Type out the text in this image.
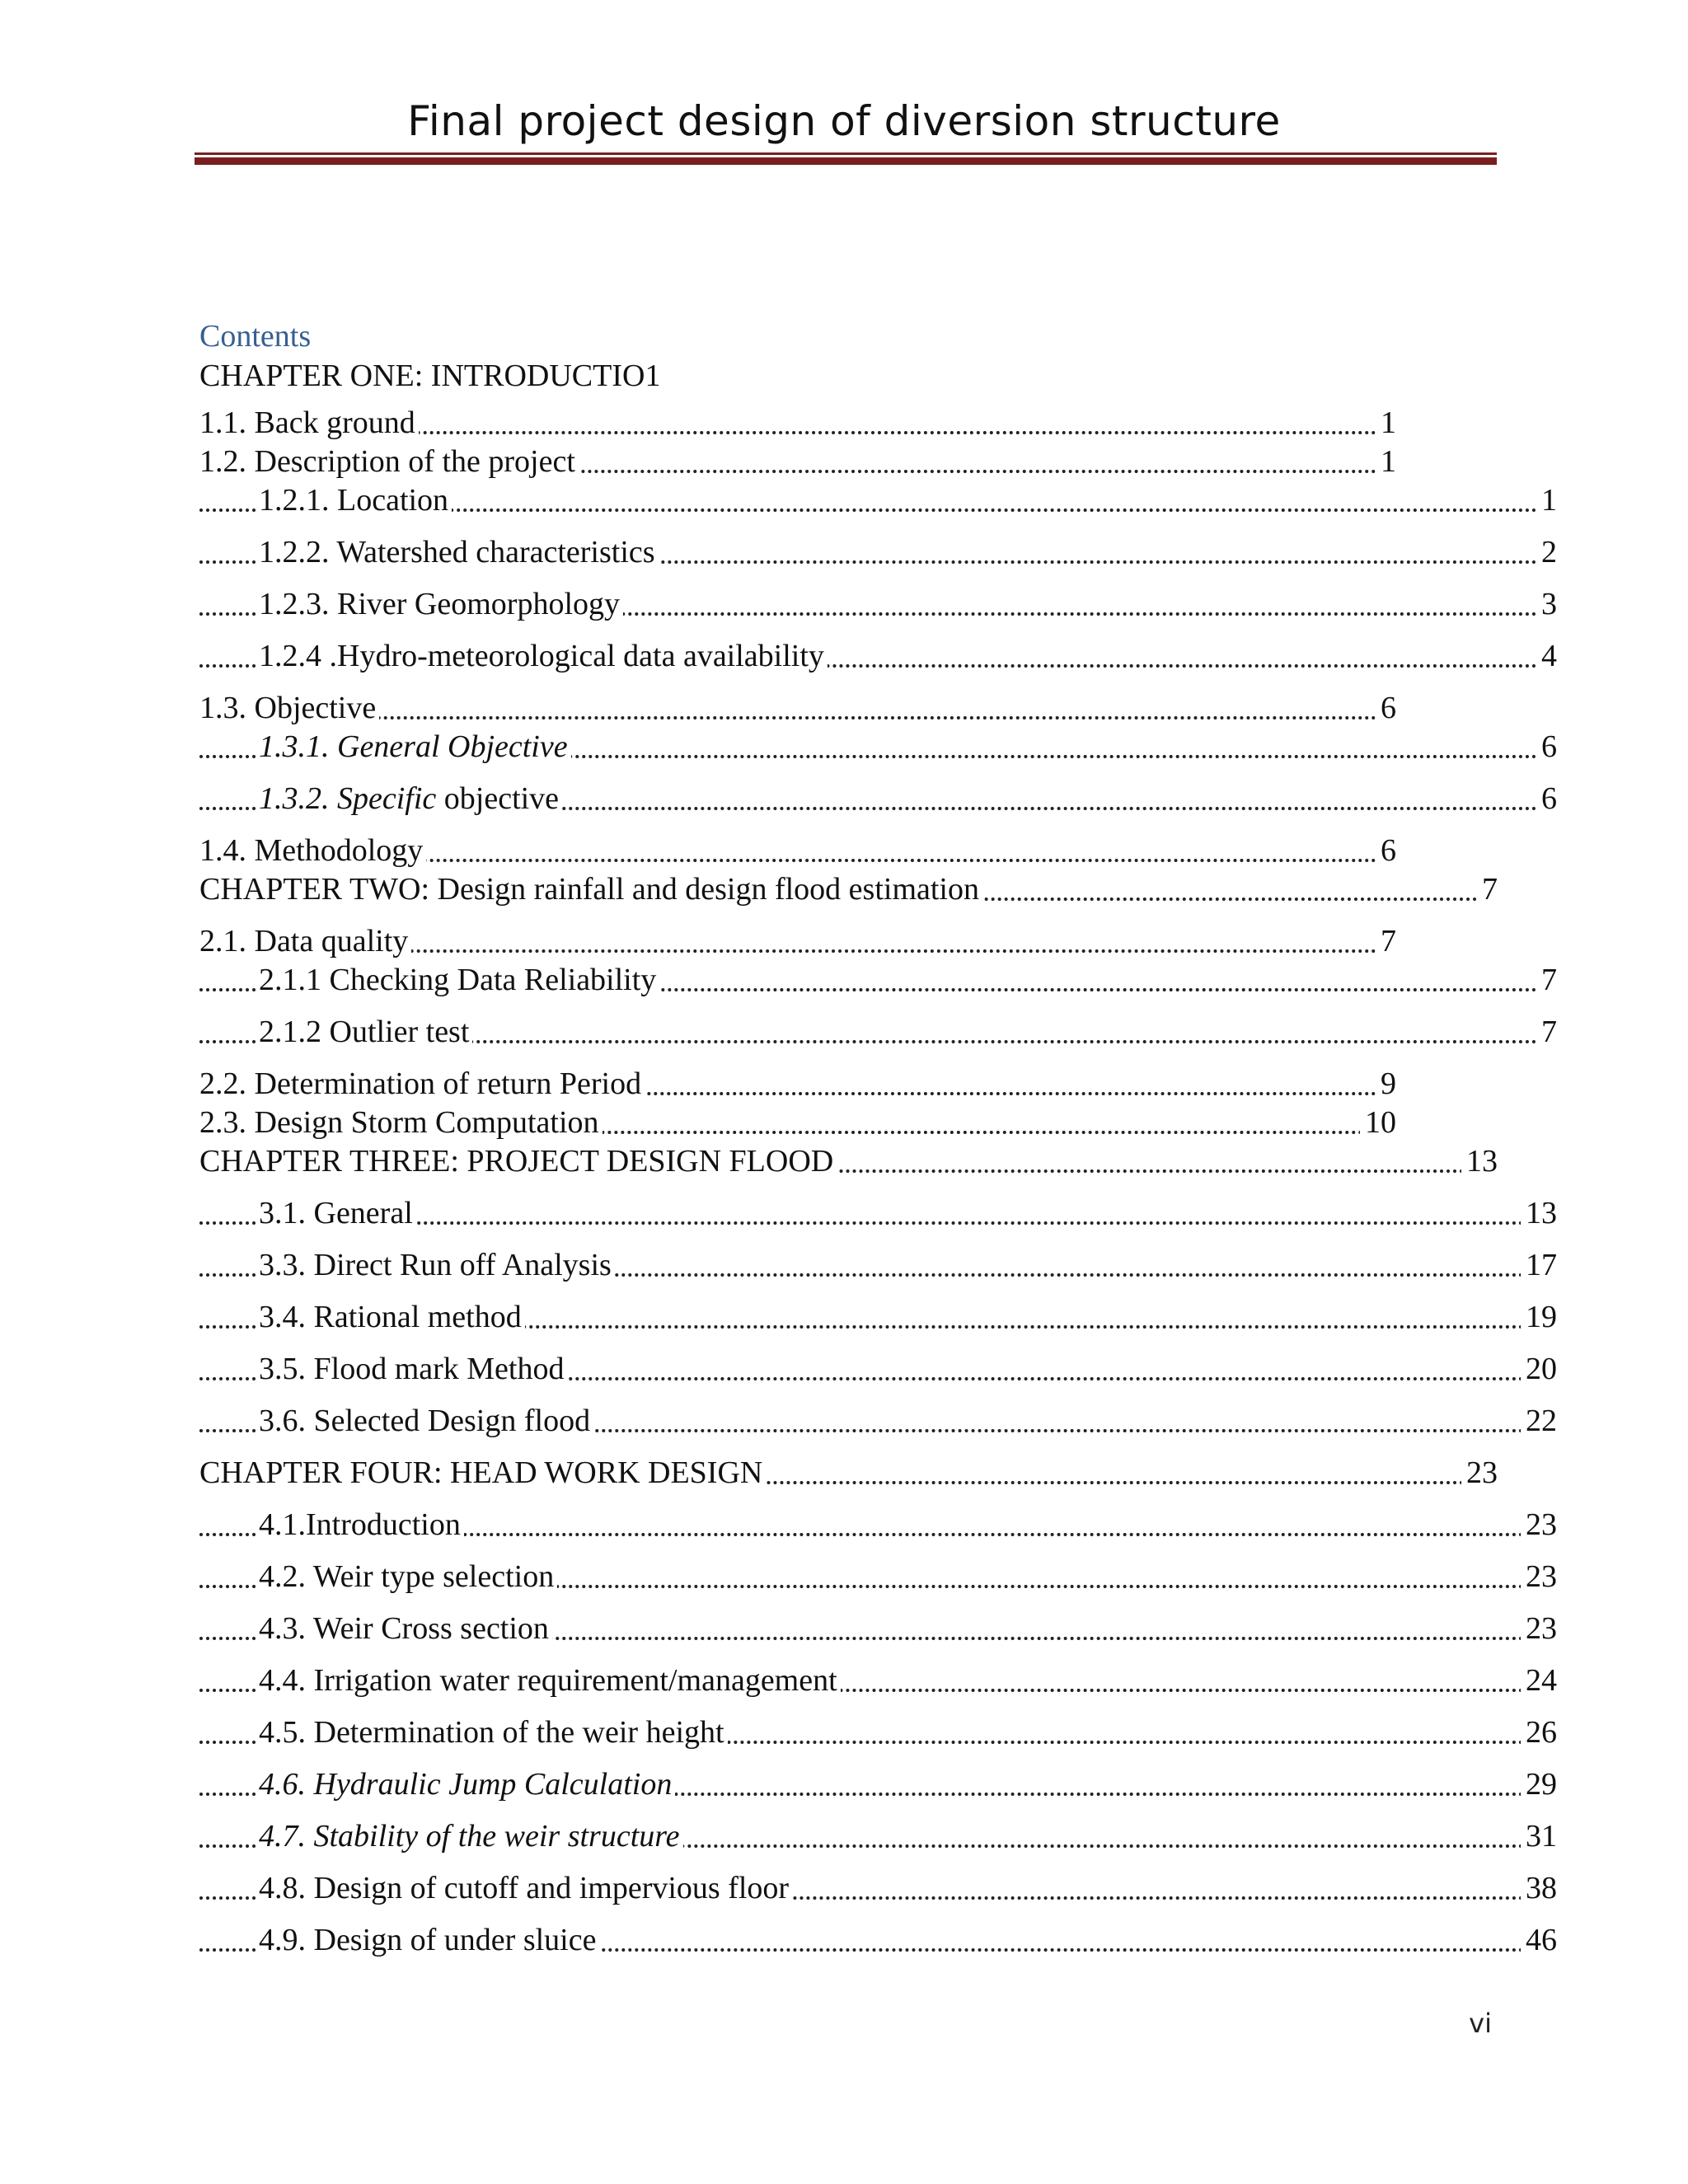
Final project design of diversion structure
Contents
CHAPTER ONE: INTRODUCTIO1
1.1. Back ground	1
1.2. Description of the project	1
1.2.1. Location	1
1.2.2. Watershed characteristics	2
1.2.3. River Geomorphology	3
1.2.4 .Hydro-meteorological data availability	4
1.3. Objective	6
1.3.1. General Objective	6
1.3.2. Specific objective	6
1.4. Methodology	6
CHAPTER TWO: Design rainfall and design flood estimation	7
2.1. Data quality	7
2.1.1 Checking Data Reliability	7
2.1.2 Outlier test	7
2.2. Determination of return Period	9
2.3. Design Storm Computation	10
CHAPTER THREE: PROJECT DESIGN FLOOD	13
3.1. General	13
3.3. Direct Run off Analysis	17
3.4. Rational method	19
3.5. Flood mark Method	20
3.6. Selected Design flood	22
CHAPTER FOUR: HEAD WORK DESIGN	23
4.1.Introduction	23
4.2. Weir type selection	23
4.3. Weir Cross section	23
4.4. Irrigation water requirement/management	24
4.5. Determination of the weir height	26
4.6. Hydraulic Jump Calculation	29
4.7. Stability of the weir structure	31
4.8. Design of cutoff and impervious floor	38
4.9. Design of under sluice	46
vi
